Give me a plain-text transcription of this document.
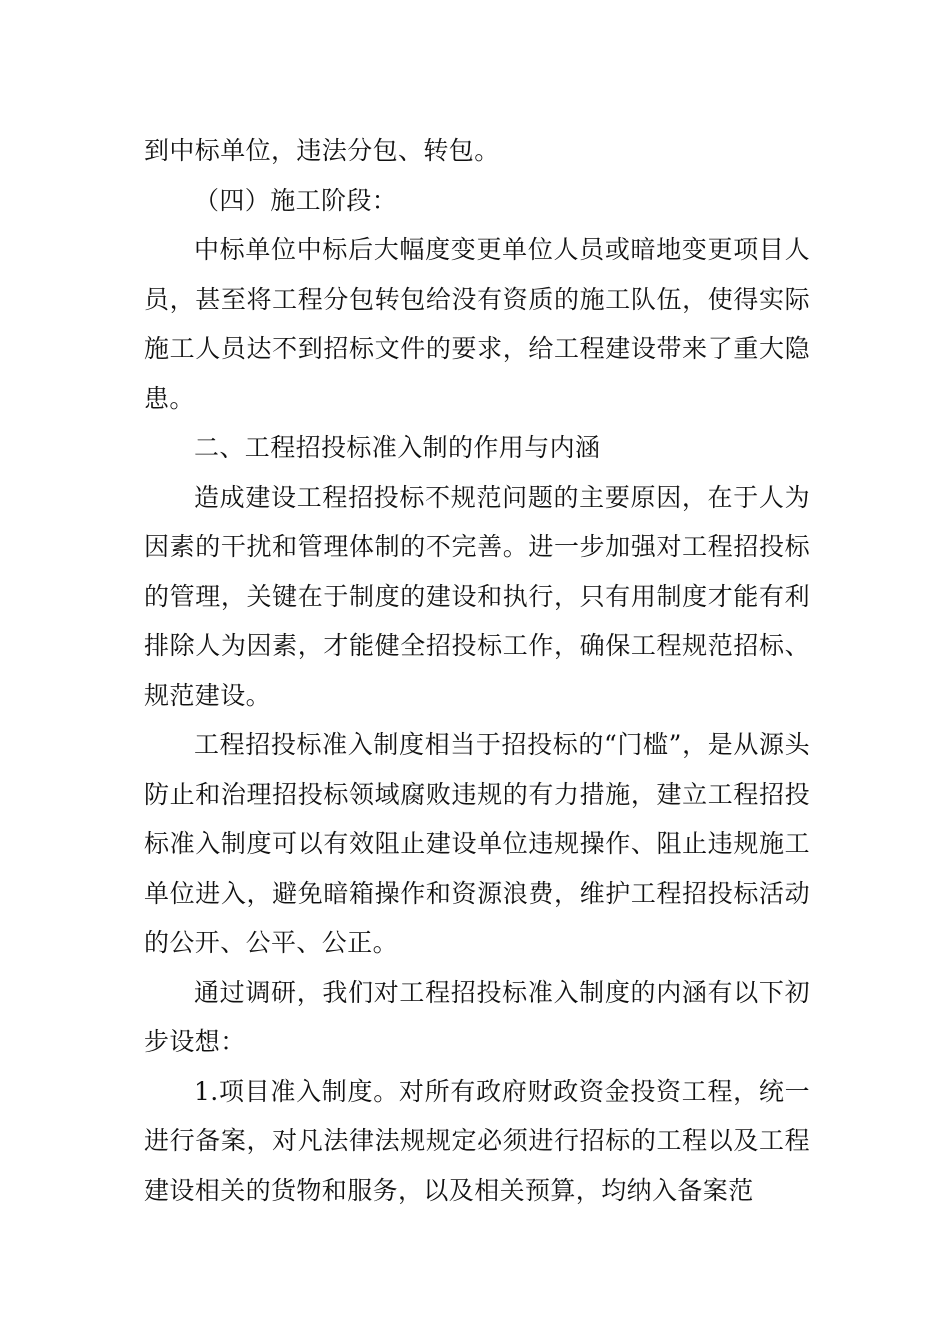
到中标单位，违法分包、转包。

（四）施工阶段：

中标单位中标后大幅度变更单位人员或暗地变更项目人员，甚至将工程分包转包给没有资质的施工队伍，使得实际施工人员达不到招标文件的要求，给工程建设带来了重大隐患。

二、工程招投标准入制的作用与内涵

造成建设工程招投标不规范问题的主要原因，在于人为因素的干扰和管理体制的不完善。进一步加强对工程招投标的管理，关键在于制度的建设和执行，只有用制度才能有利排除人为因素，才能健全招投标工作，确保工程规范招标、规范建设。

工程招投标准入制度相当于招投标的“门槛”，是从源头防止和治理招投标领域腐败违规的有力措施，建立工程招投标准入制度可以有效阻止建设单位违规操作、阻止违规施工单位进入，避免暗箱操作和资源浪费，维护工程招投标活动的公开、公平、公正。

通过调研，我们对工程招投标准入制度的内涵有以下初步设想：

1.项目准入制度。对所有政府财政资金投资工程，统一进行备案，对凡法律法规规定必须进行招标的工程以及工程建设相关的货物和服务，以及相关预算，均纳入备案范
